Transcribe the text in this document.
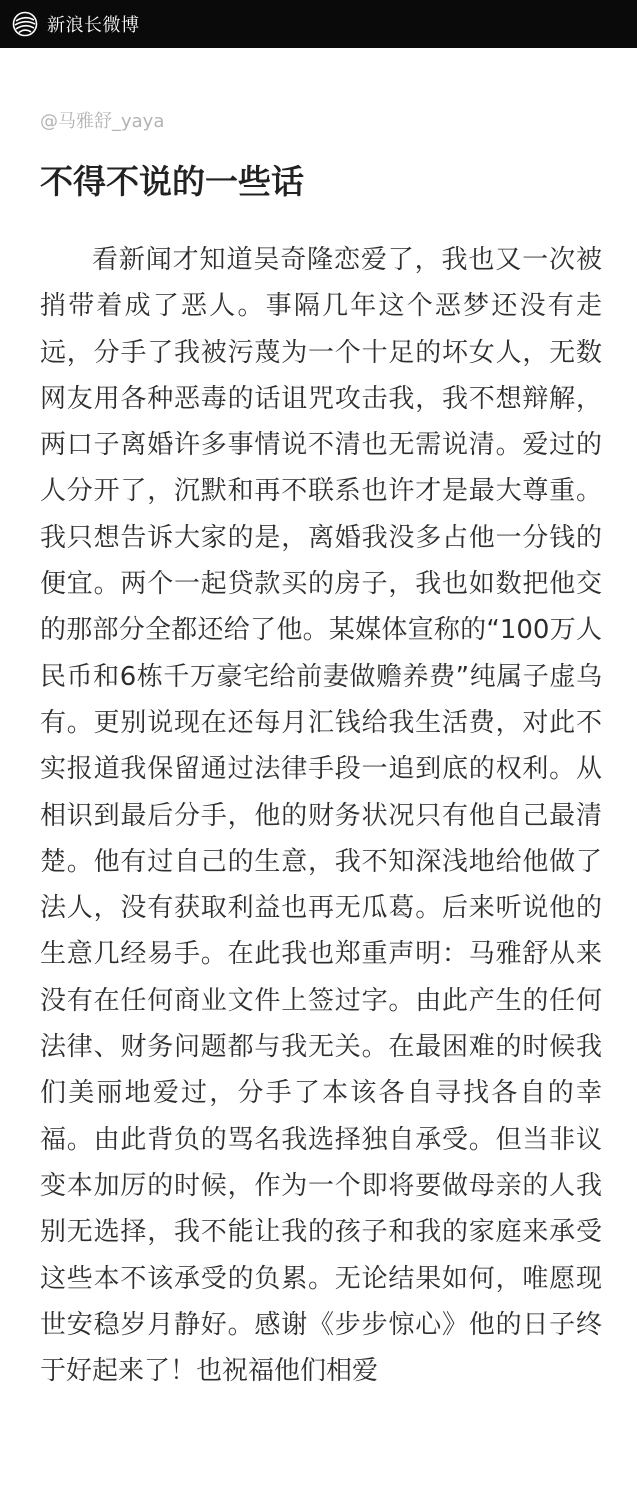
新浪长微博
@马雅舒_yaya
不得不说的一些话
看新闻才知道吴奇隆恋爱了，我也又一次被捎带着成了恶人。事隔几年这个恶梦还没有走远，分手了我被污蔑为一个十足的坏女人，无数网友用各种恶毒的话诅咒攻击我，我不想辩解，两口子离婚许多事情说不清也无需说清。爱过的人分开了，沉默和再不联系也许才是最大尊重。我只想告诉大家的是，离婚我没多占他一分钱的便宜。两个一起贷款买的房子，我也如数把他交的那部分全都还给了他。某媒体宣称的“100万人民币和6栋千万豪宅给前妻做赡养费”纯属子虚乌有。更别说现在还每月汇钱给我生活费，对此不实报道我保留通过法律手段一追到底的权利。从相识到最后分手，他的财务状况只有他自己最清楚。他有过自己的生意，我不知深浅地给他做了法人，没有获取利益也再无瓜葛。后来听说他的生意几经易手。在此我也郑重声明：马雅舒从来没有在任何商业文件上签过字。由此产生的任何法律、财务问题都与我无关。在最困难的时候我们美丽地爱过，分手了本该各自寻找各自的幸福。由此背负的骂名我选择独自承受。但当非议变本加厉的时候，作为一个即将要做母亲的人我别无选择，我不能让我的孩子和我的家庭来承受这些本不该承受的负累。无论结果如何，唯愿现世安稳岁月静好。感谢《步步惊心》他的日子终于好起来了！也祝福他们相爱
